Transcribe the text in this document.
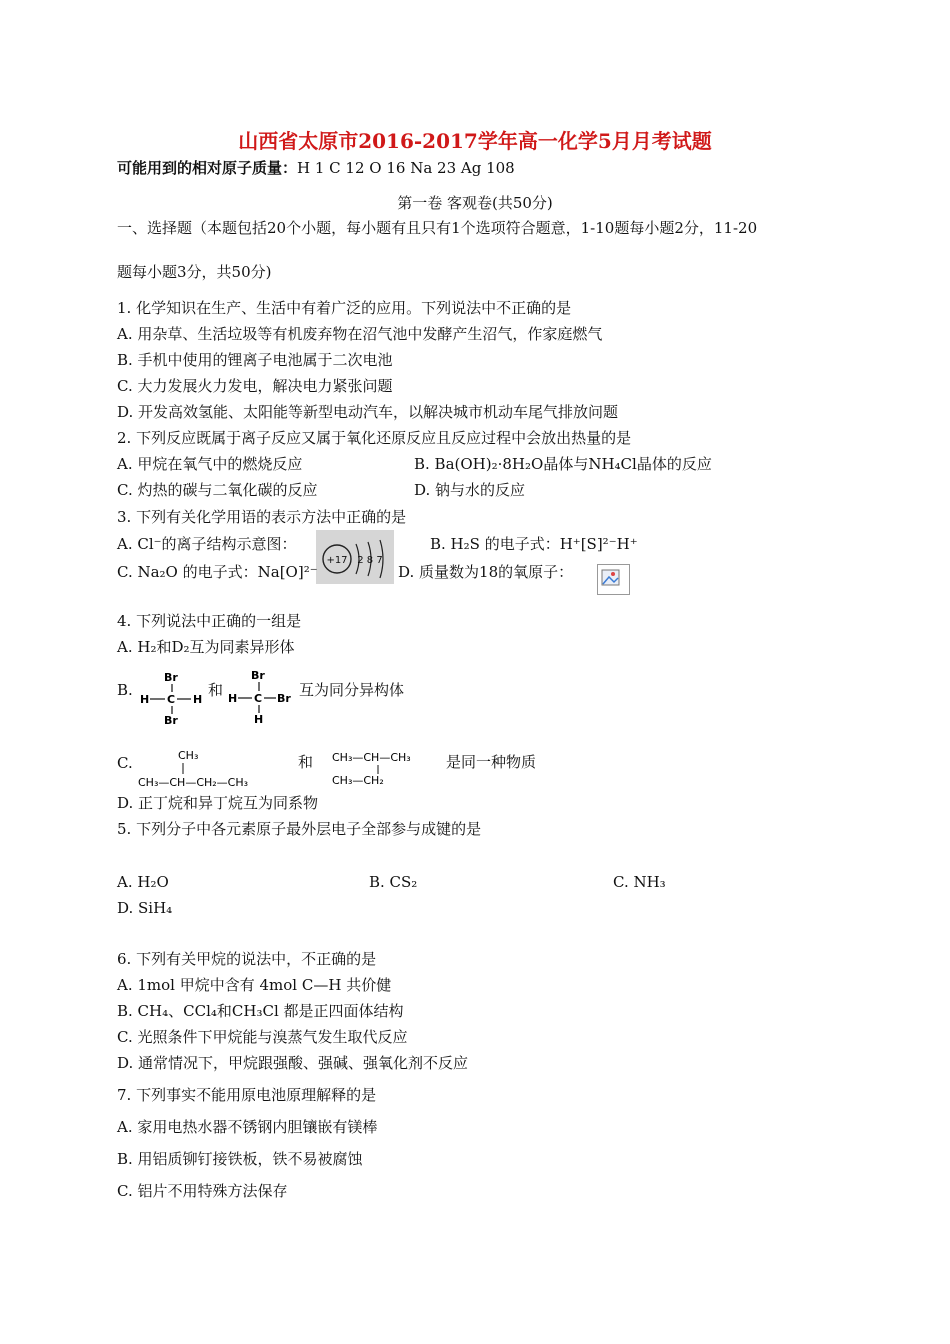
山西省太原市2016-2017学年高一化学5月月考试题
可能用到的相对原子质量：H 1 C 12 O 16 Na 23 Ag 108
第一卷 客观卷(共50分)
一、选择题（本题包括20个小题，每小题有且只有1个选项符合题意，1-10题每小题2分，11-20
题每小题3分，共50分)
1. 化学知识在生产、生活中有着广泛的应用。下列说法中不正确的是
A. 用杂草、生活垃圾等有机废弃物在沼气池中发酵产生沼气，作家庭燃气
B. 手机中使用的锂离子电池属于二次电池
C. 大力发展火力发电，解决电力紧张问题
D. 开发高效氢能、太阳能等新型电动汽车，以解决城市机动车尾气排放问题
2. 下列反应既属于离子反应又属于氧化还原反应且反应过程中会放出热量的是
A. 甲烷在氧气中的燃烧反应	B. Ba(OH)₂·8H₂O晶体与NH₄Cl晶体的反应
C. 灼热的碳与二氧化碳的反应	D. 钠与水的反应
3. 下列有关化学用语的表示方法中正确的是
A. Cl⁻的离子结构示意图：
+17 2 8 7
B. H₂S 的电子式：H⁺[S]²⁻H⁺
C. Na₂O 的电子式：Na[O]²⁻	D. 质量数为18的氧原子：
4. 下列说法中正确的一组是
A. H₂和D₂互为同素异形体
B.
Br
H C H
Br
和
Br
H C Br
H
互为同分异构体
C.	CH₃
CH₃—CH—CH₂—CH₃
和 CH₃—CH—CH₃
CH₃—CH₂
是同一种物质
D. 正丁烷和异丁烷互为同系物
5. 下列分子中各元素原子最外层电子全部参与成键的是
A. H₂O	B. CS₂	C. NH₃
D. SiH₄
6. 下列有关甲烷的说法中，不正确的是
A. 1mol 甲烷中含有 4mol C—H 共价健
B. CH₄、CCl₄和CH₃Cl 都是正四面体结构
C. 光照条件下甲烷能与溴蒸气发生取代反应
D. 通常情况下，甲烷跟强酸、强碱、强氧化剂不反应
7. 下列事实不能用原电池原理解释的是
A. 家用电热水器不锈钢内胆镶嵌有镁棒
B. 用铝质铆钉接铁板，铁不易被腐蚀
C. 铝片不用特殊方法保存
